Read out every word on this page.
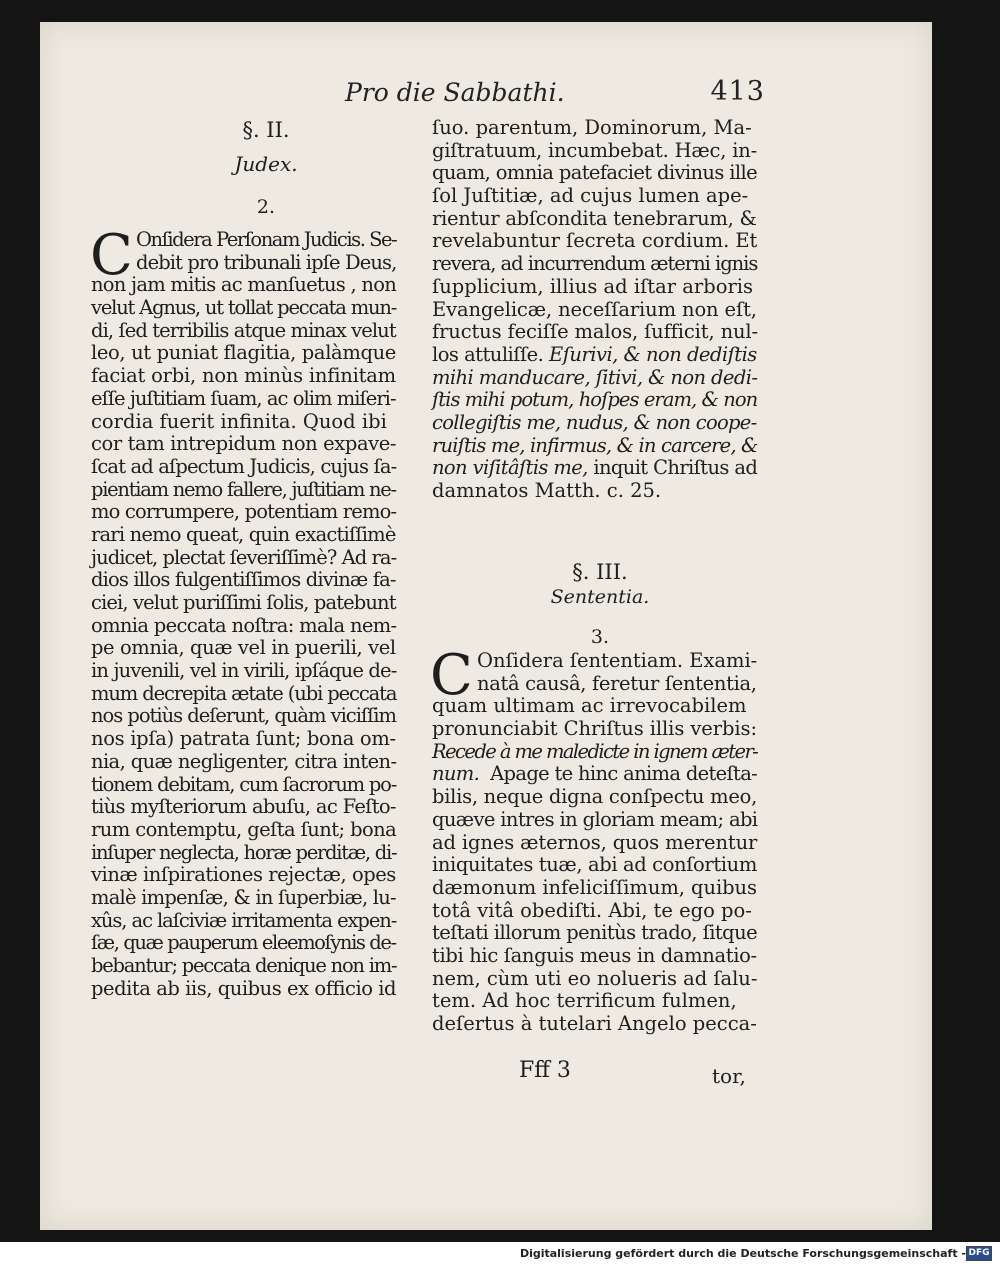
Pro die Sabbathi.	413
§. II.
Judex.
2.
C Onſidera Perſonam Judicis. Se-
debit pro tribunali ipſe Deus,
non jam mitis ac manſuetus , non
velut Agnus, ut tollat peccata mun-
di, ſed terribilis atque minax velut
leo, ut puniat flagitia, palàmque
faciat orbi, non minùs infinitam
eſſe juſtitiam ſuam, ac olim miſeri-
cordia fuerit infinita. Quod ibi
cor tam intrepidum non expave-
ſcat ad aſpectum Judicis, cujus ſa-
pientiam nemo fallere, juſtitiam ne-
mo corrumpere, potentiam remo-
rari nemo queat, quin exactiſſimè
judicet, plectat ſeveriſſimè? Ad ra-
dios illos fulgentiſſimos divinæ fa-
ciei, velut puriſſimi ſolis, patebunt
omnia peccata noſtra: mala nem-
pe omnia, quæ vel in puerili, vel
in juvenili, vel in virili, ipſáque de-
mum decrepita ætate (ubi peccata
nos potiùs deſerunt, quàm viciſſim
nos ipſa) patrata ſunt; bona om-
nia, quæ negligenter, citra inten-
tionem debitam, cum ſacrorum po-
tiùs myſteriorum abuſu, ac Feſto-
rum contemptu, geſta ſunt; bona
inſuper neglecta, horæ perditæ, di-
vinæ inſpirationes rejectæ, opes
malè impenſæ, & in ſuperbiæ, lu-
xûs, ac laſciviæ irritamenta expen-
ſæ, quæ pauperum eleemoſynis de-
bebantur; peccata denique non im-
pedita ab iis, quibus ex officio id
ſuo. parentum, Dominorum, Ma-
giſtratuum, incumbebat. Hæc, in-
quam, omnia patefaciet divinus ille
ſol Juſtitiæ, ad cujus lumen ape-
rientur abſcondita tenebrarum, &
revelabuntur ſecreta cordium. Et
revera, ad incurrendum æterni ignis
ſupplicium, illius ad iſtar arboris
Evangelicæ, neceſſarium non eſt,
fructus feciſſe malos, ſufficit, nul-
los attuliſſe. Eſurivi, & non dediſtis
mihi manducare, ſitivi, & non dedi-
ſtis mihi potum, hoſpes eram, & non
collegiſtis me, nudus, & non coope-
ruiſtis me, infirmus, & in carcere, &
non viſitâſtis me, inquit Chriſtus ad
damnatos Matth. c. 25.
§. III.
Sententia.
3.
C Onſidera ſententiam. Exami-
natâ causâ, feretur ſententia,
quam ultimam ac irrevocabilem
pronunciabit Chriſtus illis verbis:
Recede à me maledicte in ignem æter-
num. Apage te hinc anima deteſta-
bilis, neque digna conſpectu meo,
quæve intres in gloriam meam; abi
ad ignes æternos, quos merentur
iniquitates tuæ, abi ad conſortium
dæmonum infeliciſſimum, quibus
totâ vitâ obediſti. Abi, te ego po-
teſtati illorum penitùs trado, ſitque
tibi hic ſanguis meus in damnatio-
nem, cùm uti eo nolueris ad ſalu-
tem. Ad hoc terrificum fulmen,
deſertus à tutelari Angelo pecca-
Fff 3	tor,
Digitalisierung gefördert durch die Deutsche Forschungsgemeinschaft - DFG
